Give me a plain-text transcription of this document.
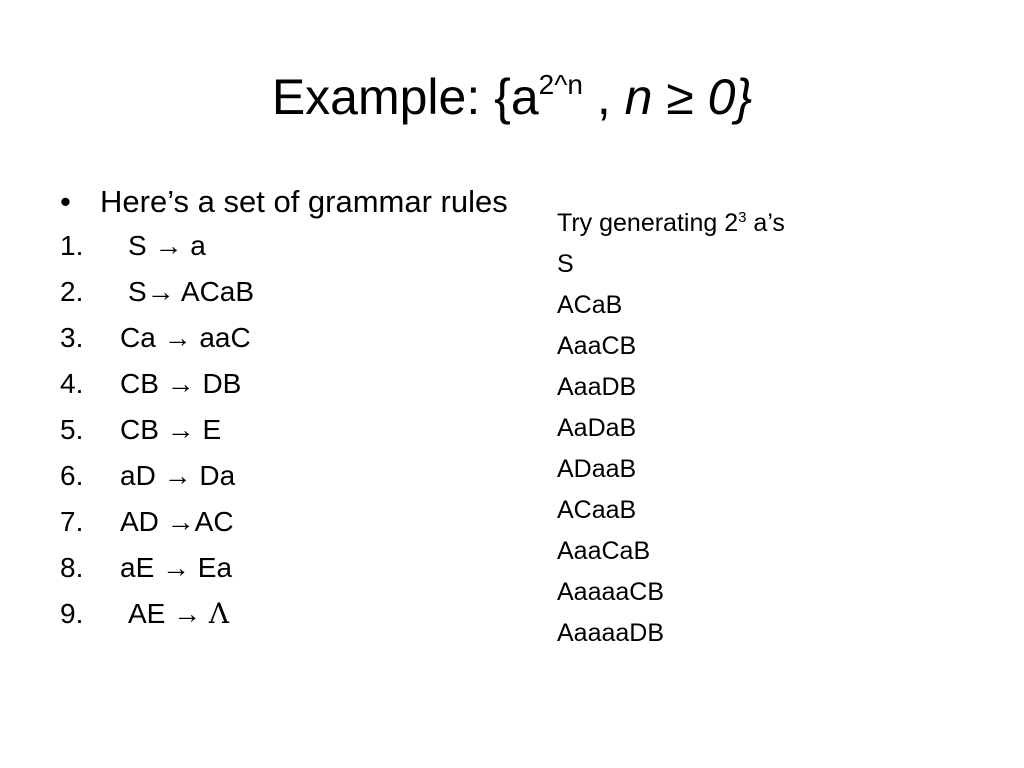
Example: {$a^{2\^{}n}$ , n ≥ 0}
• Here’s a set of grammar rules
1. S → a
2. S→ ACaB
3. Ca → aaC
4. CB → DB
5. CB → E
6. aD → Da
7. AD →AC
8. aE → Ea
9. AE → Λ
Try generating $2^3$ a’s
S
ACaB
AaaCB
AaaDB
AaDaB
ADaaB
ACaaB
AaaCaB
AaaaaCB
AaaaaDB
